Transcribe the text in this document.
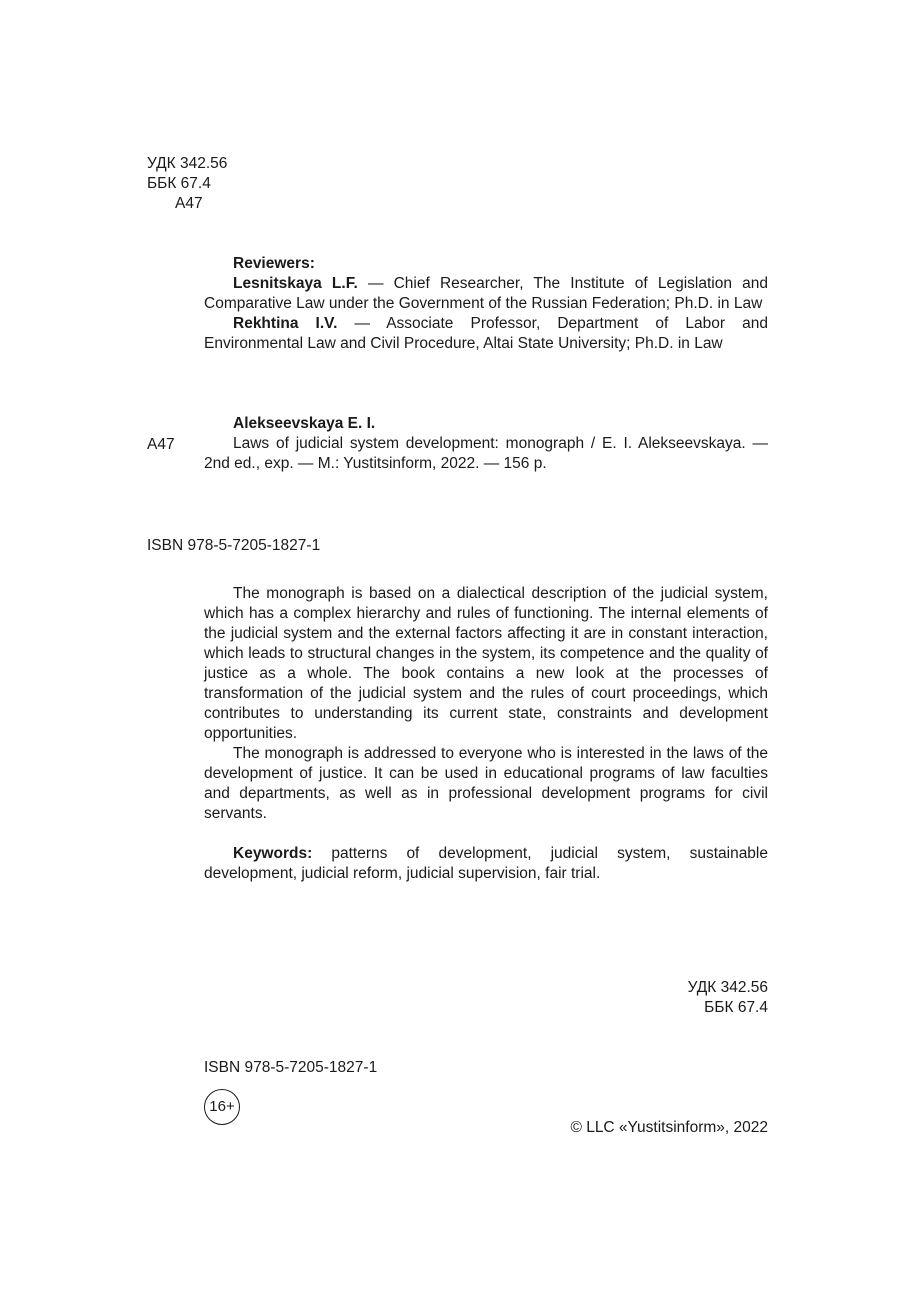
УДК 342.56
ББК 67.4
А47

Reviewers:

Lesnitskaya L.F. — Chief Researcher, The Institute of Legislation and Comparative Law under the Government of the Russian Federation; Ph.D. in Law

Rekhtina I.V. — Associate Professor, Department of Labor and Environmental Law and Civil Procedure, Altai State University; Ph.D. in Law

А47

Alekseevskaya E. I.

Laws of judicial system development: monograph / E. I. Alekseevskaya. — 2nd ed., exp. — M.: Yustitsinform, 2022. — 156 p.

ISBN 978-5-7205-1827-1

The monograph is based on a dialectical description of the judicial system, which has a complex hierarchy and rules of functioning. The internal elements of the judicial system and the external factors affecting it are in constant interaction, which leads to structural changes in the system, its competence and the quality of justice as a whole. The book contains a new look at the processes of transformation of the judicial system and the rules of court proceedings, which contributes to understanding its current state, constraints and development opportunities.

The monograph is addressed to everyone who is interested in the laws of the development of justice. It can be used in educational programs of law faculties and departments, as well as in professional development programs for civil servants.

Keywords: patterns of development, judicial system, sustainable development, judicial reform, judicial supervision, fair trial.

УДК 342.56
ББК 67.4
ISBN 978-5-7205-1827-1
16+
© LLC «Yustitsinform», 2022
